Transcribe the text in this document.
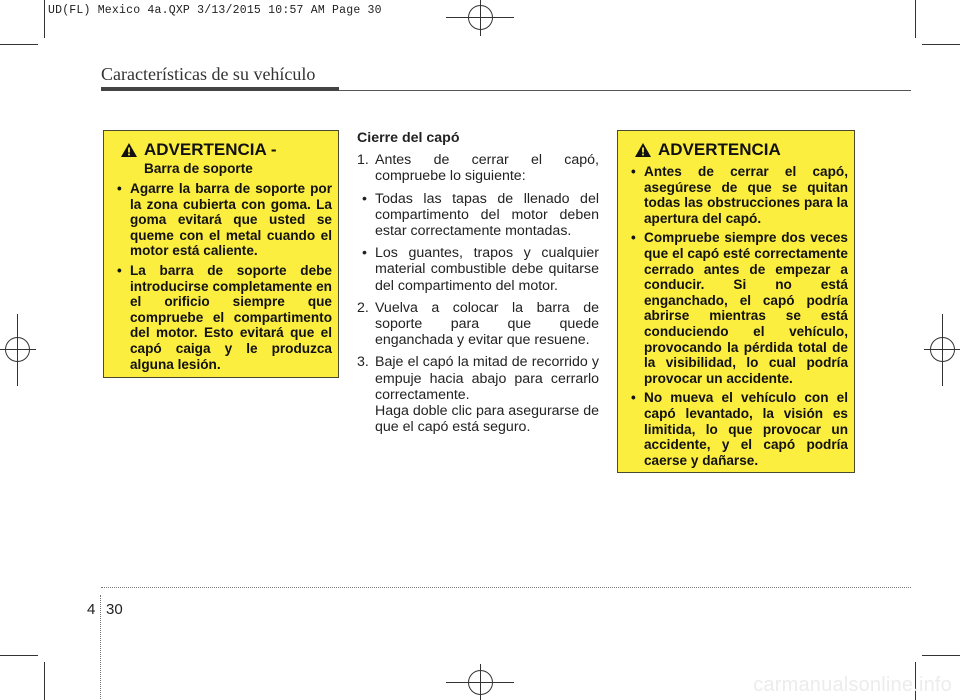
UD(FL) Mexico 4a.QXP 3/13/2015 10:57 AM Page 30
Características de su vehículo
ADVERTENCIA -
Barra de soporte
• Agarre la barra de soporte por la zona cubierta con goma. La goma evitará que usted se queme con el metal cuando el motor está caliente.
• La barra de soporte debe introducirse completamente en el orificio siempre que compruebe el compartimento del motor. Esto evitará que el capó caiga y le produzca alguna lesión.
Cierre del capó
1. Antes de cerrar el capó, compruebe lo siguiente:
• Todas las tapas de llenado del compartimento del motor deben estar correctamente montadas.
• Los guantes, trapos y cualquier material combustible debe quitarse del compartimento del motor.
2. Vuelva a colocar la barra de soporte para que quede enganchada y evitar que resuene.
3. Baje el capó la mitad de recorrido y empuje hacia abajo para cerrarlo correctamente.
Haga doble clic para asegurarse de que el capó está seguro.
ADVERTENCIA
• Antes de cerrar el capó, asegúrese de que se quitan todas las obstrucciones para la apertura del capó.
• Compruebe siempre dos veces que el capó esté correctamente cerrado antes de empezar a conducir. Si no está enganchado, el capó podría abrirse mientras se está conduciendo el vehículo, provocando la pérdida total de la visibilidad, lo cual podría provocar un accidente.
• No mueva el vehículo con el capó levantado, la visión es limitida, lo que provocar un accidente, y el capó podría caerse y dañarse.
4 30
carmanualsonline.info
